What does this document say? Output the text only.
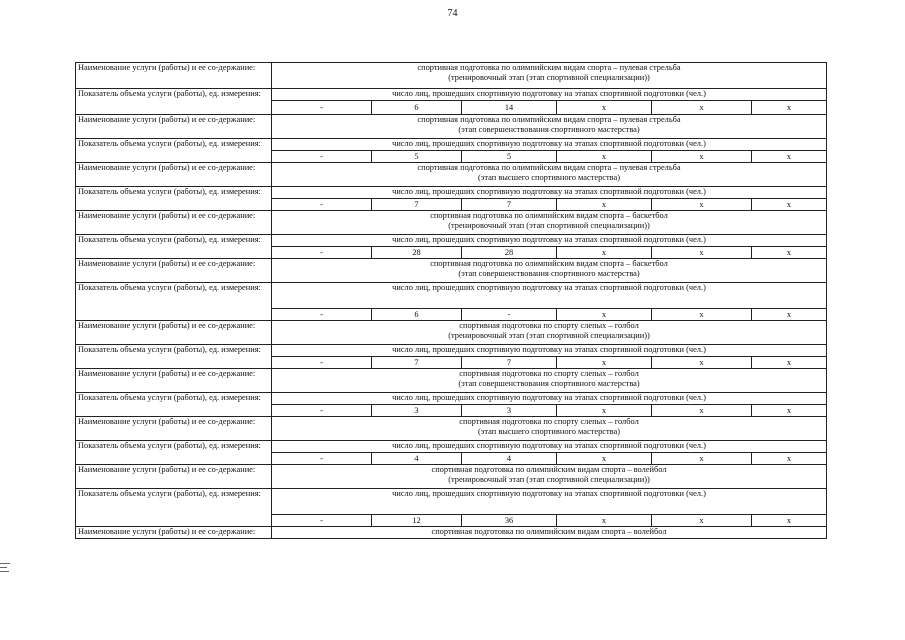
74
Наименование услуги (работы) и ее со-держание:	спортивная подготовка по олимпийским видам спорта – пулевая стрельба
(тренировочный этап (этап спортивной специализации))					

Показатель объема услуги (работы), ед. измерения:	число лиц, прошедших спортивную подготовку на этапах спортивной подготовки (чел.)					
	-	6	14	x	x	x
Наименование услуги (работы) и ее со-держание:	спортивная подготовка по олимпийским видам спорта – пулевая стрельба
(этап совершенствования спортивного мастерства)					

Показатель объема услуги (работы), ед. измерения:	число лиц, прошедших спортивную подготовку на этапах спортивной подготовки (чел.)					
	-	5	5	x	x	x
Наименование услуги (работы) и ее со-держание:	спортивная подготовка по олимпийским видам спорта – пулевая стрельба
(этап высшего спортивного мастерства)					

Показатель объема услуги (работы), ед. измерения:	число лиц, прошедших спортивную подготовку на этапах спортивной подготовки (чел.)					
	-	7	7	x	x	x
Наименование услуги (работы) и ее со-держание:	спортивная подготовка по олимпийским видам спорта – баскетбол
(тренировочный этап (этап спортивной специализации))					

Показатель объема услуги (работы), ед. измерения:	число лиц, прошедших спортивную подготовку на этапах спортивной подготовки (чел.)					
	-	28	28	x	x	x
Наименование услуги (работы) и ее со-держание:	спортивная подготовка по олимпийским видам спорта – баскетбол
(этап совершенствования спортивного мастерства)					

Показатель объема услуги (работы), ед. измерения:	число лиц, прошедших спортивную подготовку на этапах спортивной подготовки (чел.)					
	-	6	-	x	x	x
Наименование услуги (работы) и ее со-держание:	спортивная подготовка по спорту слепых – голбол
(тренировочный этап (этап спортивной специализации))					

Показатель объема услуги (работы), ед. измерения:	число лиц, прошедших спортивную подготовку на этапах спортивной подготовки (чел.)					
	-	7	7	x	x	x
Наименование услуги (работы) и ее со-держание:	спортивная подготовка по спорту слепых – голбол
(этап совершенствования спортивного мастерства)					

Показатель объема услуги (работы), ед. измерения:	число лиц, прошедших спортивную подготовку на этапах спортивной подготовки (чел.)					
	-	3	3	x	x	x
Наименование услуги (работы) и ее со-держание:	спортивная подготовка по спорту слепых – голбол
(этап высшего спортивного мастерства)					

Показатель объема услуги (работы), ед. измерения:	число лиц, прошедших спортивную подготовку на этапах спортивной подготовки (чел.)					
	-	4	4	x	x	x
Наименование услуги (работы) и ее со-держание:	спортивная подготовка по олимпийским видам спорта – волейбол
(тренировочный этап (этап спортивной специализации))					

Показатель объема услуги (работы), ед. измерения:	число лиц, прошедших спортивную подготовку на этапах спортивной подготовки (чел.)					
	-	12	36	x	x	x
Наименование услуги (работы) и ее со-держание:	спортивная подготовка по олимпийским видам спорта – волейбол					
